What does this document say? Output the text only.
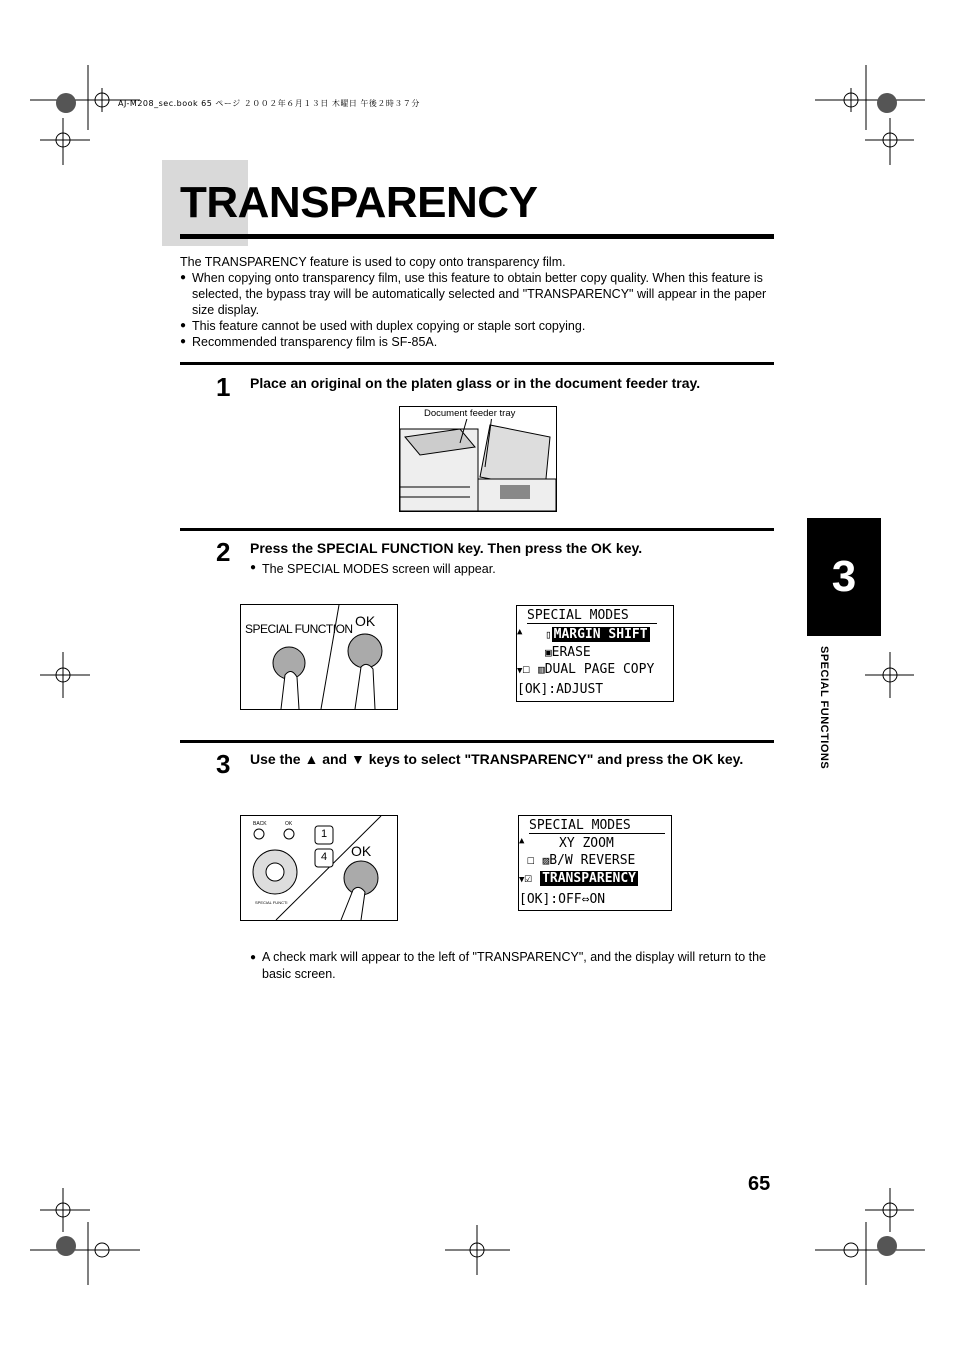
AJ-M208_sec.book 65 ページ ２００２年６月１３日 木曜日 午後２時３７分
TRANSPARENCY

The TRANSPARENCY feature is used to copy onto transparency film.

● When copying onto transparency film, use this feature to obtain better copy quality. When this feature is selected, the bypass tray will be automatically selected and "TRANSPARENCY" will appear in the paper size display.

● This feature cannot be used with duplex copying or staple sort copying.

● Recommended transparency film is SF-85A.

1 Place an original on the platen glass or in the document feeder tray.
Document feeder tray
2 Press the SPECIAL FUNCTION key. Then press the OK key.
● The SPECIAL MODES screen will appear.
SPECIAL FUNCTION OK	SPECIAL MODES
▲ ▯ MARGIN SHIFT
▣ERASE
▼☐ ▥DUAL PAGE COPY
[OK]:ADJUST
3 Use the ▲ and ▼ keys to select "TRANSPARENCY" and press the OK key.
BACK	OK
1
4 OK
SPECIAL FUNCTI
SPECIAL MODES
▲	XY ZOOM
☐ ▨B/W REVERSE
▼☑ TRANSPARENCY
[OK]:OFF⇔ON
● A check mark will appear to the left of "TRANSPARENCY", and the display will return to the basic screen.
3
SPECIAL FUNCTIONS
65
